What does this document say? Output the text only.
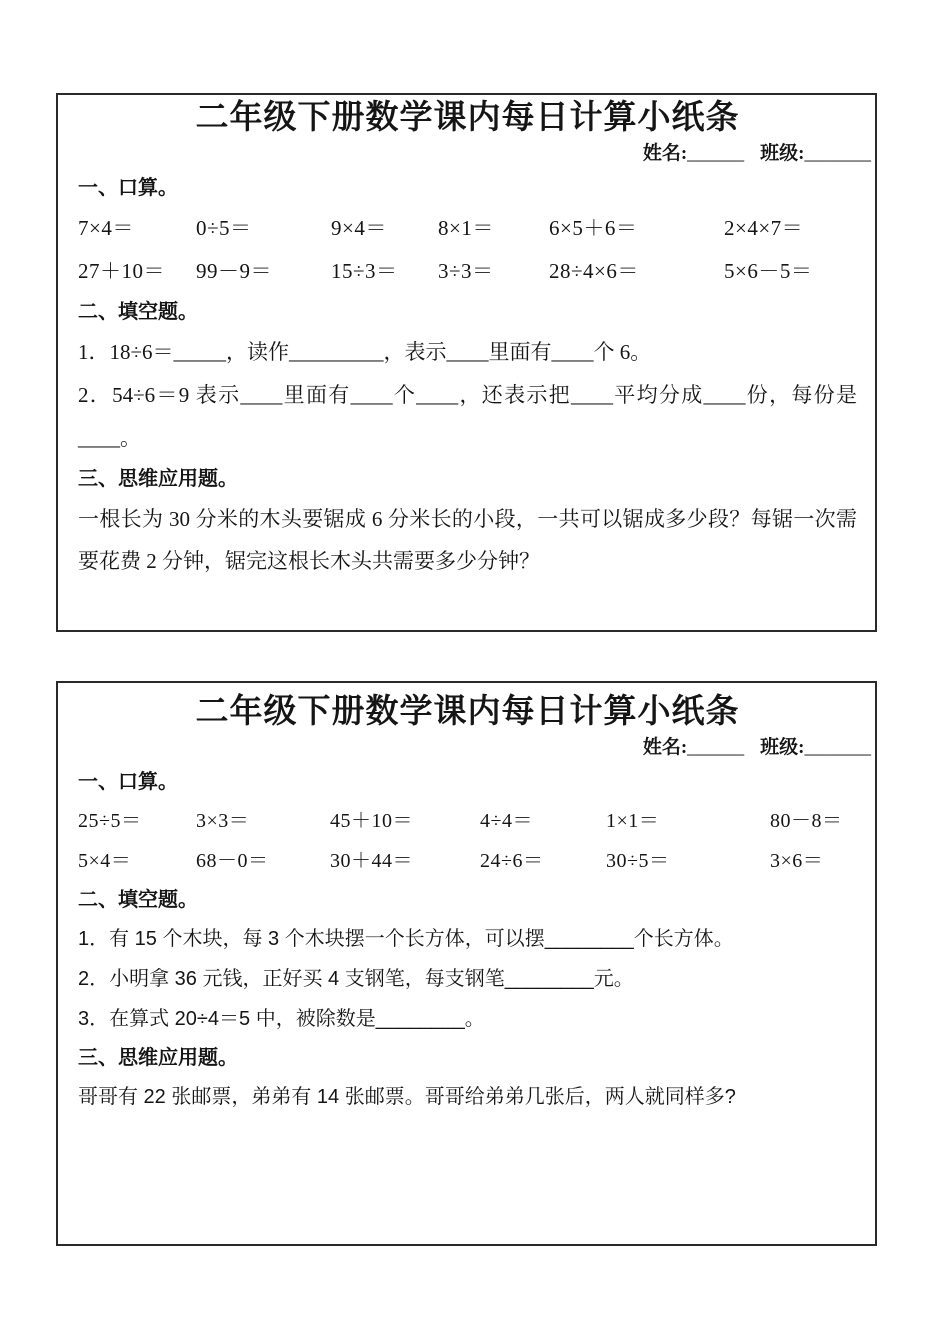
二年级下册数学课内每日计算小纸条
姓名:______ 班级:_______
一、口算。
7×4＝	0÷5＝	9×4＝	8×1＝	6×5＋6＝	2×4×7＝
27＋10＝	99－9＝	15÷3＝	3÷3＝	28÷4×6＝	5×6－5＝
二、填空题。
1．18÷6＝_____，读作_________，表示____里面有____个 6。
2．54÷6＝9 表示____里面有____个____，还表示把____平均分成____份，每份是____。
三、思维应用题。
一根长为 30 分米的木头要锯成 6 分米长的小段，一共可以锯成多少段？每锯一次需要花费 2 分钟，锯完这根长木头共需要多少分钟？
二年级下册数学课内每日计算小纸条
姓名:______ 班级:_______
一、口算。
25÷5＝	3×3＝	45＋10＝	4÷4＝	1×1＝	80－8＝
5×4＝	68－0＝	30＋44＝	24÷6＝	30÷5＝	3×6＝
二、填空题。
1．有 15 个木块，每 3 个木块摆一个长方体，可以摆________个长方体。
2．小明拿 36 元钱，正好买 4 支钢笔，每支钢笔________元。
3．在算式 20÷4＝5 中，被除数是________。
三、思维应用题。
哥哥有 22 张邮票，弟弟有 14 张邮票。哥哥给弟弟几张后，两人就同样多?
